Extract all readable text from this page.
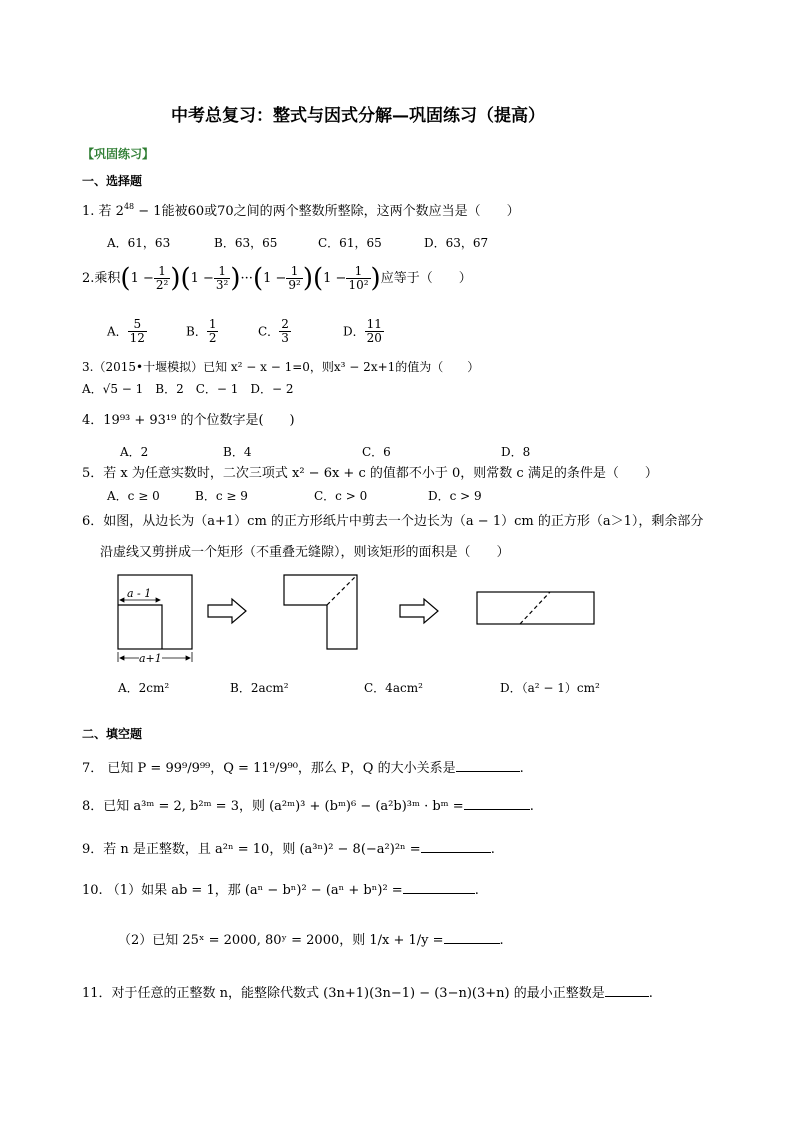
中考总复习：整式与因式分解—巩固练习（提高）
【巩固练习】
一、选择题
1. 若 $2^{48} - 1$能被60或70之间的两个整数所整除，这两个数应当是（　　）
A．61，63	B．63，65	C．61，65	D．63，67
2.乘积$(1 - \frac{1}{\text{2²}} )(1 - \frac{1}{\text{3²}} )\cdot\cdot\cdot(1 - \frac{1}{\text{9²}} )(1 - \frac{1}{\text{10²}}$ )应等于（　　）
A． $\frac{5}{12}$	B． $\frac{1}{2}$	C． $\frac{2}{3}$	D． $\frac{11}{20}$
3.（2015•十堰模拟）已知 x² − x − 1=0，则x³ − 2x+1的值为（　　）
A．√5 − 1　B．2　C．− 1　D．− 2
4．19⁹³ + 93¹⁹ 的个位数字是(　　)
A．2	B．4	C．6	D．8
5．若 x 为任意实数时，二次三项式 x² − 6x + c 的值都不小于 0，则常数 c 满足的条件是（　　）
A．c ≥ 0	B．c ≥ 9	C．c > 0	D．c > 9
6．如图，从边长为（a+1）cm 的正方形纸片中剪去一个边长为（a − 1）cm 的正方形（a＞1），剩余部分
沿虚线又剪拼成一个矩形（不重叠无缝隙），则该矩形的面积是（　　）
a - 1
a+1
A．2cm²	B．2acm²	C．4acm²	D．（a² − 1）cm²
二、填空题
7． 已知 P = 99⁹/9⁹⁹，Q = 11⁹/9⁹⁰，那么 P，Q 的大小关系是	.
8．已知 a³ᵐ = 2, b²ᵐ = 3，则 (a²ᵐ)³ + (bᵐ)⁶ − (a²b)³ᵐ · bᵐ =	.
9．若 n 是正整数，且 a²ⁿ = 10，则 (a³ⁿ)² − 8(−a²)²ⁿ =	.
10. （1）如果 ab = 1，那 (aⁿ − bⁿ)² − (aⁿ + bⁿ)² =	.
（2）已知 25ˣ = 2000, 80ʸ = 2000，则 1/x + 1/y =	.
11．对于任意的正整数 n，能整除代数式 (3n+1)(3n−1) − (3−n)(3+n) 的最小正整数是	.
